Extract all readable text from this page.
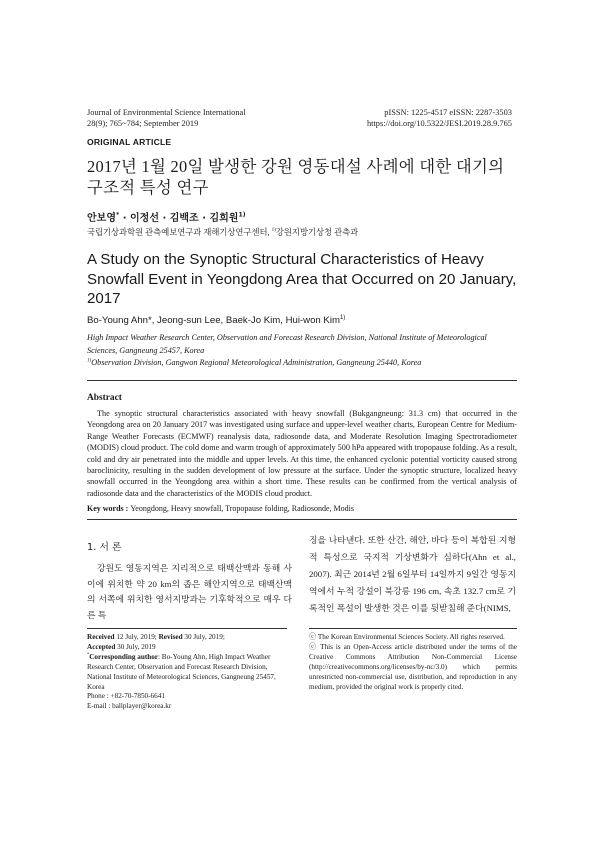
Journal of Environmental Science International
28(9); 765~784; September 2019
pISSN: 1225-4517 eISSN: 2287-3503
https://doi.org/10.5322/JESI.2019.28.9.765
ORIGINAL ARTICLE
2017년 1월 20일 발생한 강원 영동대설 사례에 대한 대기의
구조적 특성 연구
안보영* · 이정선 · 김백조 · 김희원$^{1)}$
국립기상과학원 관측예보연구과 재해기상연구센터, $^{1)}$강원지방기상청 관측과
A Study on the Synoptic Structural Characteristics of Heavy Snowfall Event in Yeongdong Area that Occurred on 20 January, 2017
Bo-Young Ahn*, Jeong-sun Lee, Baek-Jo Kim, Hui-won Kim$^{1)}$
High Impact Weather Research Center, Observation and Forecast Research Division, National Institute of Meteorological Sciences, Gangneung 25457, Korea
$^{1)}$Observation Division, Gangwon Regional Meteorological Administration, Gangneung 25440, Korea
Abstract
The synoptic structural characteristics associated with heavy snowfall (Bukgangneung: 31.3 cm) that occurred in the Yeongdong area on 20 January 2017 was investigated using surface and upper-level weather charts, European Centre for Medium-Range Weather Forecasts (ECMWF) reanalysis data, radiosonde data, and Moderate Resolution Imaging Spectroradiometer (MODIS) cloud product. The cold dome and warm trough of approximately 500 hPa appeared with tropopause folding. As a result, cold and dry air penetrated into the middle and upper levels. At this time, the enhanced cyclonic potential vorticity caused strong baroclinicity, resulting in the sudden development of low pressure at the surface. Under the synoptic structure, localized heavy snowfall occurred in the Yeongdong area within a short time. These results can be confirmed from the vertical analysis of radiosonde data and the characteristics of the MODIS cloud product.
Key words : Yeongdong, Heavy snowfall, Tropopause folding, Radiosonde, Modis
1. 서 론
강원도 영동지역은 지리적으로 태백산맥과 동해 사이에 위치한 약 20 km의 좁은 해안지역으로 태백산맥의 서쪽에 위치한 영서지방과는 기후학적으로 매우 다른 특
징을 나타낸다. 또한 산간, 해안, 바다 등이 복합된 지형적 특성으로 국지적 기상변화가 심하다(Ahn et al., 2007). 최근 2014년 2월 6일부터 14일까지 9일간 영동지역에서 누적 강설이 북강릉 196 cm, 속초 132.7 cm로 기록적인 폭설이 발생한 것은 이를 뒷받침해 준다(NIMS,

Received 12 July, 2019; Revised 30 July, 2019;

Accepted 30 July, 2019

*Corresponding author: Bo-Young Ahn, High Impact Weather Research Center, Observation and Forecast Research Division, National Institute of Meteorological Sciences, Gangneung 25457, Korea

Phone : +82-70-7850-6641

E-mail : ballplayer@korea.kr

ⓒ The Korean Environmental Sciences Society. All rights reserved.

ⓒ This is an Open-Access article distributed under the terms of the Creative Commons Attribution Non-Commercial License (http://creativecommons.org/licenses/by-nc/3.0) which permits unrestricted non-commercial use, distribution, and reproduction in any medium, provided the original work is properly cited.
